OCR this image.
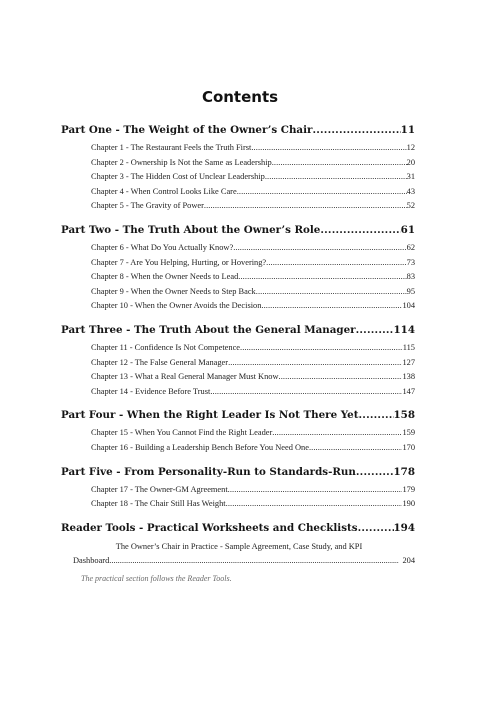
Contents
Part One - The Weight of the Owner’s Chair .....	11
Chapter 1 - The Restaurant Feels the Truth First .....	12
Chapter 2 - Ownership Is Not the Same as Leadership .....	20
Chapter 3 - The Hidden Cost of Unclear Leadership .....	31
Chapter 4 - When Control Looks Like Care .....	43
Chapter 5 - The Gravity of Power .....	52
Part Two - The Truth About the Owner’s Role .....	61
Chapter 6 - What Do You Actually Know? .....	62
Chapter 7 - Are You Helping, Hurting, or Hovering? .....	73
Chapter 8 - When the Owner Needs to Lead .....	83
Chapter 9 - When the Owner Needs to Step Back .....	95
Chapter 10 - When the Owner Avoids the Decision .....	104
Part Three - The Truth About the General Manager .....	114
Chapter 11 - Confidence Is Not Competence .....	115
Chapter 12 - The False General Manager .....	127
Chapter 13 - What a Real General Manager Must Know .....	138
Chapter 14 - Evidence Before Trust .....	147
Part Four - When the Right Leader Is Not There Yet .....	158
Chapter 15 - When You Cannot Find the Right Leader .....	159
Chapter 16 - Building a Leadership Bench Before You Need One .....	170
Part Five - From Personality-Run to Standards-Run .....	178
Chapter 17 - The Owner-GM Agreement .....	179
Chapter 18 - The Chair Still Has Weight .....	190
Reader Tools - Practical Worksheets and Checklists .....	194
The Owner’s Chair in Practice - Sample Agreement, Case Study, and KPI
Dashboard .....	204
The practical section follows the Reader Tools.
